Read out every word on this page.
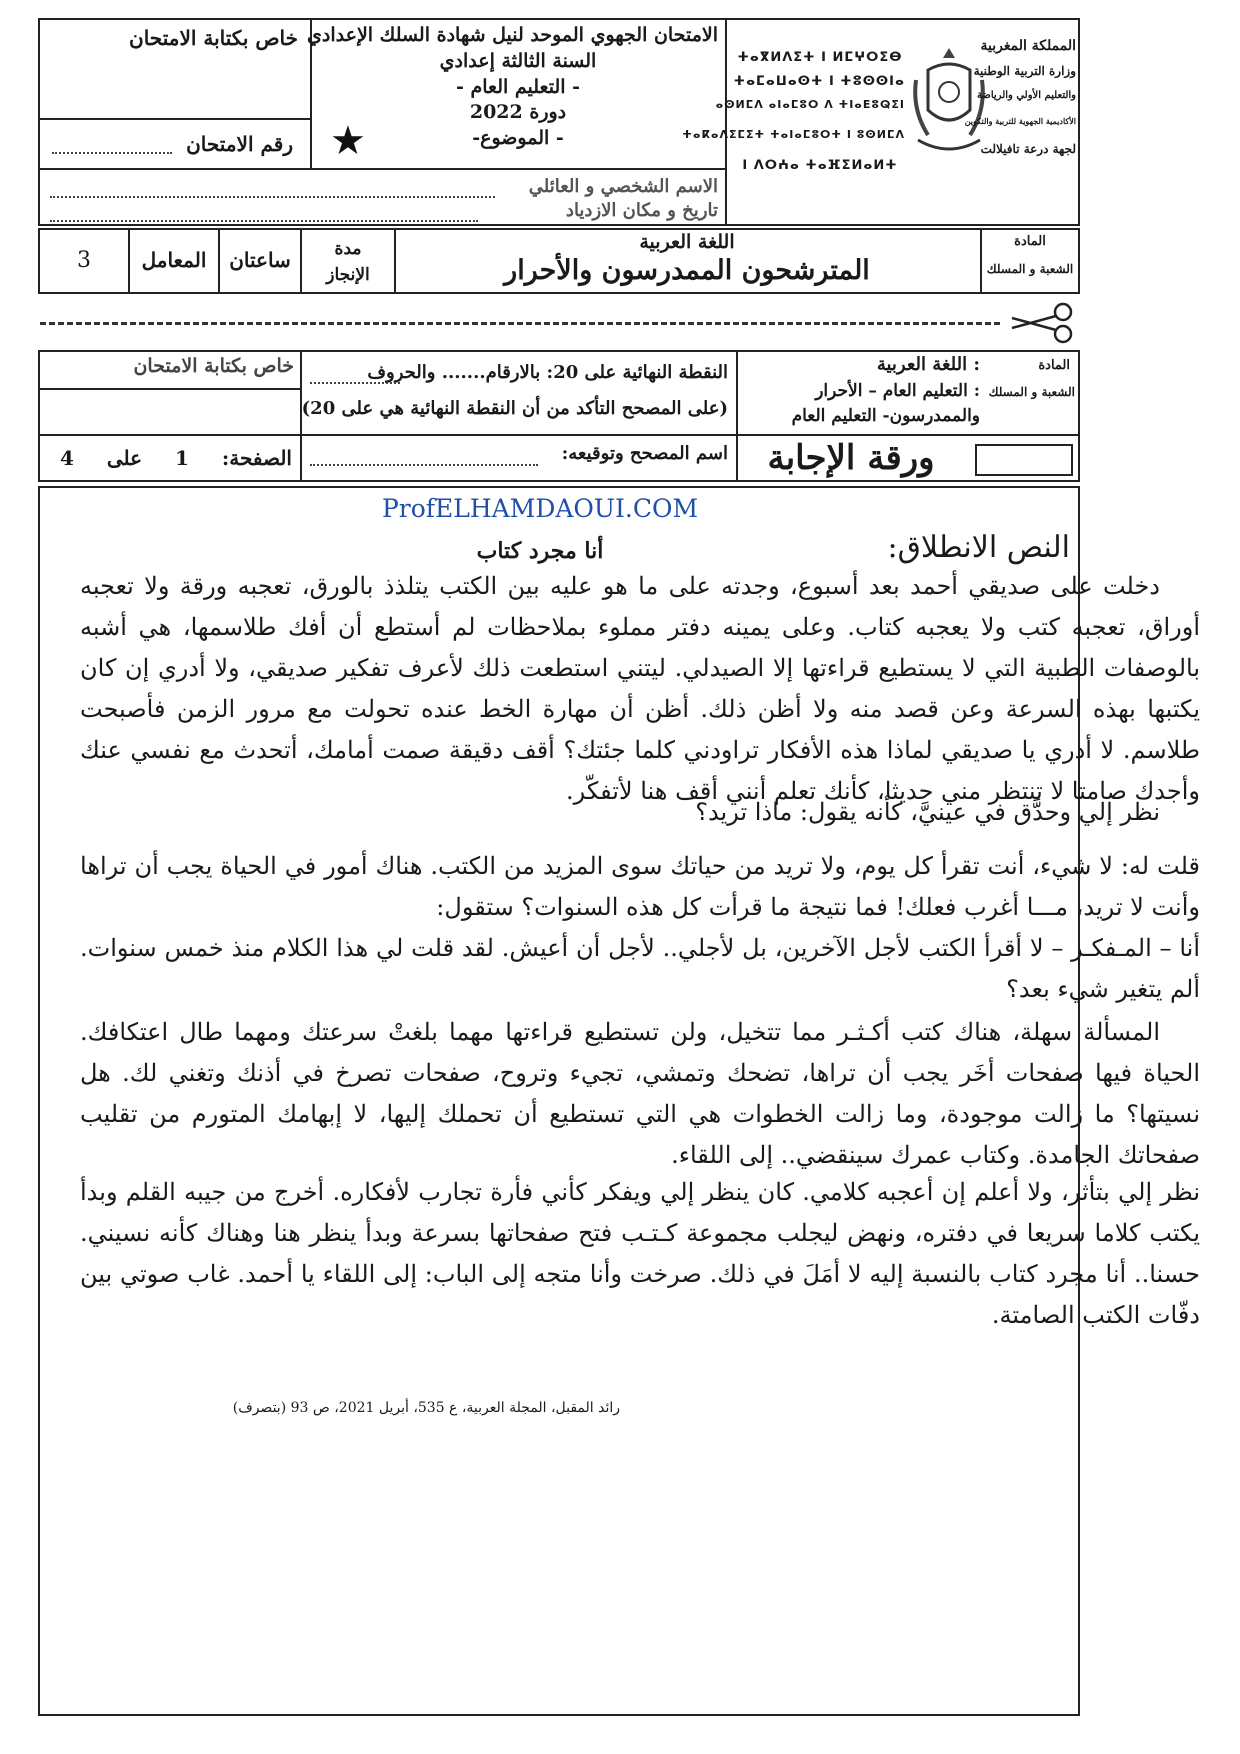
خاص بكتابة الامتحان
رقم الامتحان
الامتحان الجهوي الموحد لنيل شهادة السلك الإعدادي
السنة الثالثة إعدادي
- التعليم العام -
دورة 2022
- الموضوع-
★
الاسم الشخصي و العائلي
تاريخ و مكان الازدياد
ⵜⴰⴳⵍⴷⵉⵜ ⵏ ⵍⵎⵖⵔⵉⴱ
ⵜⴰⵎⴰⵡⴰⵙⵜ ⵏ ⵜⵓⵙⵙⵏⴰ
ⴰⵙⵍⵎⴷ ⴰⵏⴰⵎⵓⵔ ⴷ ⵜⵏⴰⴹⵓⵕⵉⵏ
ⵜⴰⴽⴰⴷⵉⵎⵉⵜ ⵜⴰⵏⴰⵎⵓⵔⵜ ⵏ ⵓⵙⵍⵎⴷ
ⵏ ⴷⵔⵄⴰ ⵜⴰⴼⵉⵍⴰⵍⵜ
المملكة المغربية
وزارة التربية الوطنية
والتعليم الأولي والرياضة
الأكاديمية الجهوية للتربية والتكوين
لجهة درعة تافيلالت
3	المعامل	ساعتان	مدة الإنجاز
اللغة العربية
المترشحون الممدرسون والأحرار
المادة
الشعبة و المسلك
خاص بكتابة الامتحان
الصفحة:
1
على
4
النقطة النهائية على 20: بالارقام....... والحروف
(على المصحح التأكد من أن النقطة النهائية هي على 20)
اسم المصحح وتوقيعه:
المادة
: اللغة العربية
الشعبة و المسلك
: التعليم العام – الأحرار
والممدرسون- التعليم العام
ورقة الإجابة
ProfELHAMDAOUI.COM
النص الانطلاق:
أنا مجرد كتاب
دخلت على صديقي أحمد بعد أسبوع، وجدته على ما هو عليه بين الكتب يتلذذ بالورق، تعجبه ورقة ولا تعجبه أوراق، تعجبه كتب ولا يعجبه كتاب. وعلى يمينه دفتر مملوء بملاحظات لم أستطع أن أفك طلاسمها، هي أشبه بالوصفات الطبية التي لا يستطيع قراءتها إلا الصيدلي. ليتني استطعت ذلك لأعرف تفكير صديقي، ولا أدري إن كان يكتبها بهذه السرعة وعن قصد منه ولا أظن ذلك. أظن أن مهارة الخط عنده تحولت مع مرور الزمن فأصبحت طلاسم. لا أدري يا صديقي لماذا هذه الأفكار تراودني كلما جئتك؟ أقف دقيقة صمت أمامك، أتحدث مع نفسي عنك وأجدك صامتا لا تنتظر مني حديثا، كأنك تعلم أنني أقف هنا لأتفكّر.
نظر إلي وحدَّق في عينيَّ، كأنه يقول: ماذا تريد؟
قلت له: لا شيء، أنت تقرأ كل يوم، ولا تريد من حياتك سوى المزيد من الكتب. هناك أمور في الحياة يجب أن تراها وأنت لا تريد، مـــا أغرب فعلك! فما نتيجة ما قرأت كل هذه السنوات؟ ستقول:
أنا – المـفكـر – لا أقرأ الكتب لأجل الآخرين، بل لأجلي.. لأجل أن أعيش. لقد قلت لي هذا الكلام منذ خمس سنوات. ألم يتغير شيء بعد؟
المسألة سهلة، هناك كتب أكـثـر مما تتخيل، ولن تستطيع قراءتها مهما بلغتْ سرعتك ومهما طال اعتكافك. الحياة فيها صفحات أخَر يجب أن تراها، تضحك وتمشي، تجيء وتروح، صفحات تصرخ في أذنك وتغني لك. هل نسيتها؟ ما زالت موجودة، وما زالت الخطوات هي التي تستطيع أن تحملك إليها، لا إبهامك المتورم من تقليب صفحاتك الجامدة. وكتاب عمرك سينقضي.. إلى اللقاء.
نظر إلي بتأثر، ولا أعلم إن أعجبه كلامي. كان ينظر إلي ويفكر كأني فأرة تجارب لأفكاره. أخرج من جيبه القلم وبدأ يكتب كلاما سريعا في دفتره، ونهض ليجلب مجموعة كـتـب فتح صفحاتها بسرعة وبدأ ينظر هنا وهناك كأنه نسيني. حسنا.. أنا مجرد كتاب بالنسبة إليه لا أمَلَ في ذلك. صرخت وأنا متجه إلى الباب: إلى اللقاء يا أحمد. غاب صوتي بين دفّات الكتب الصامتة.
رائد المقبل، المجلة العربية، ع 535، أبريل 2021، ص 93 (بتصرف)
